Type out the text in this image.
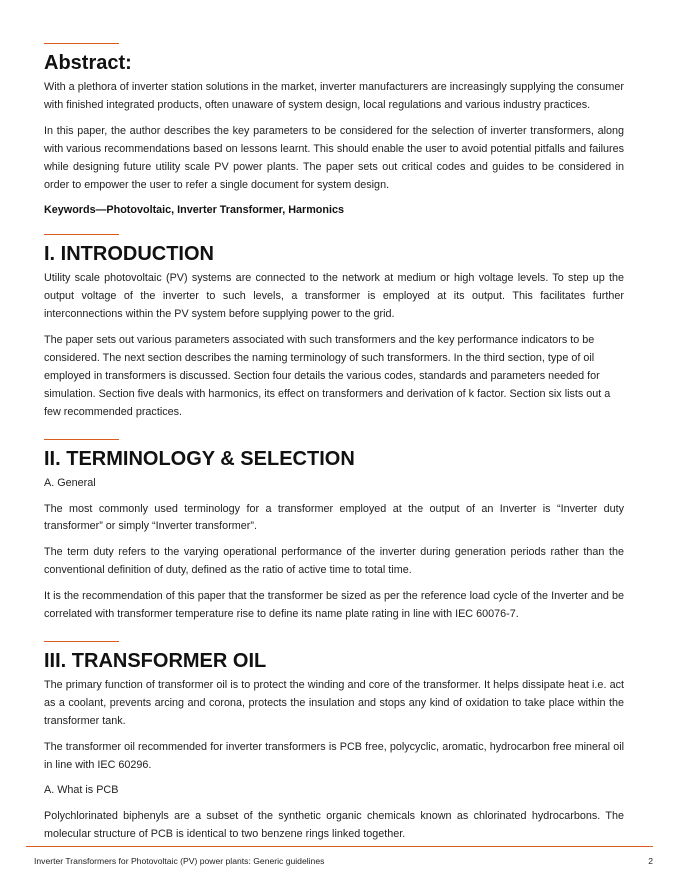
Abstract:

With a plethora of inverter station solutions in the market, inverter manufacturers are increasingly supplying the consumer with finished integrated products, often unaware of system design, local regulations and various industry practices.

In this paper, the author describes the key parameters to be considered for the selection of inverter transformers, along with various recommendations based on lessons learnt. This should enable the user to avoid potential pitfalls and failures while designing future utility scale PV power plants. The paper sets out critical codes and guides to be considered in order to empower the user to refer a single document for system design.

Keywords—Photovoltaic, Inverter Transformer, Harmonics

I. INTRODUCTION

Utility scale photovoltaic (PV) systems are connected to the network at medium or high voltage levels. To step up the output voltage of the inverter to such levels, a transformer is employed at its output. This facilitates further interconnections within the PV system before supplying power to the grid.

The paper sets out various parameters associated with such transformers and the key performance indicators to be considered. The next section describes the naming terminology of such transformers. In the third section, type of oil employed in transformers is discussed. Section four details the various codes, standards and parameters needed for simulation. Section five deals with harmonics, its effect on transformers and derivation of k factor. Section six lists out a few recommended practices.

II. TERMINOLOGY & SELECTION

A. General

The most commonly used terminology for a transformer employed at the output of an Inverter is “Inverter duty transformer” or simply “Inverter transformer”.

The term duty refers to the varying operational performance of the inverter during generation periods rather than the conventional definition of duty, defined as the ratio of active time to total time.

It is the recommendation of this paper that the transformer be sized as per the reference load cycle of the Inverter and be correlated with transformer temperature rise to define its name plate rating in line with IEC 60076-7.

III. TRANSFORMER OIL

The primary function of transformer oil is to protect the winding and core of the transformer. It helps dissipate heat i.e. act as a coolant, prevents arcing and corona, protects the insulation and stops any kind of oxidation to take place within the transformer tank.

The transformer oil recommended for inverter transformers is PCB free, polycyclic, aromatic, hydrocarbon free mineral oil in line with IEC 60296.

A. What is PCB

Polychlorinated biphenyls are a subset of the synthetic organic chemicals known as chlorinated hydrocarbons. The molecular structure of PCB is identical to two benzene rings linked together.

Inverter Transformers for Photovoltaic (PV) power plants: Generic guidelines	2
